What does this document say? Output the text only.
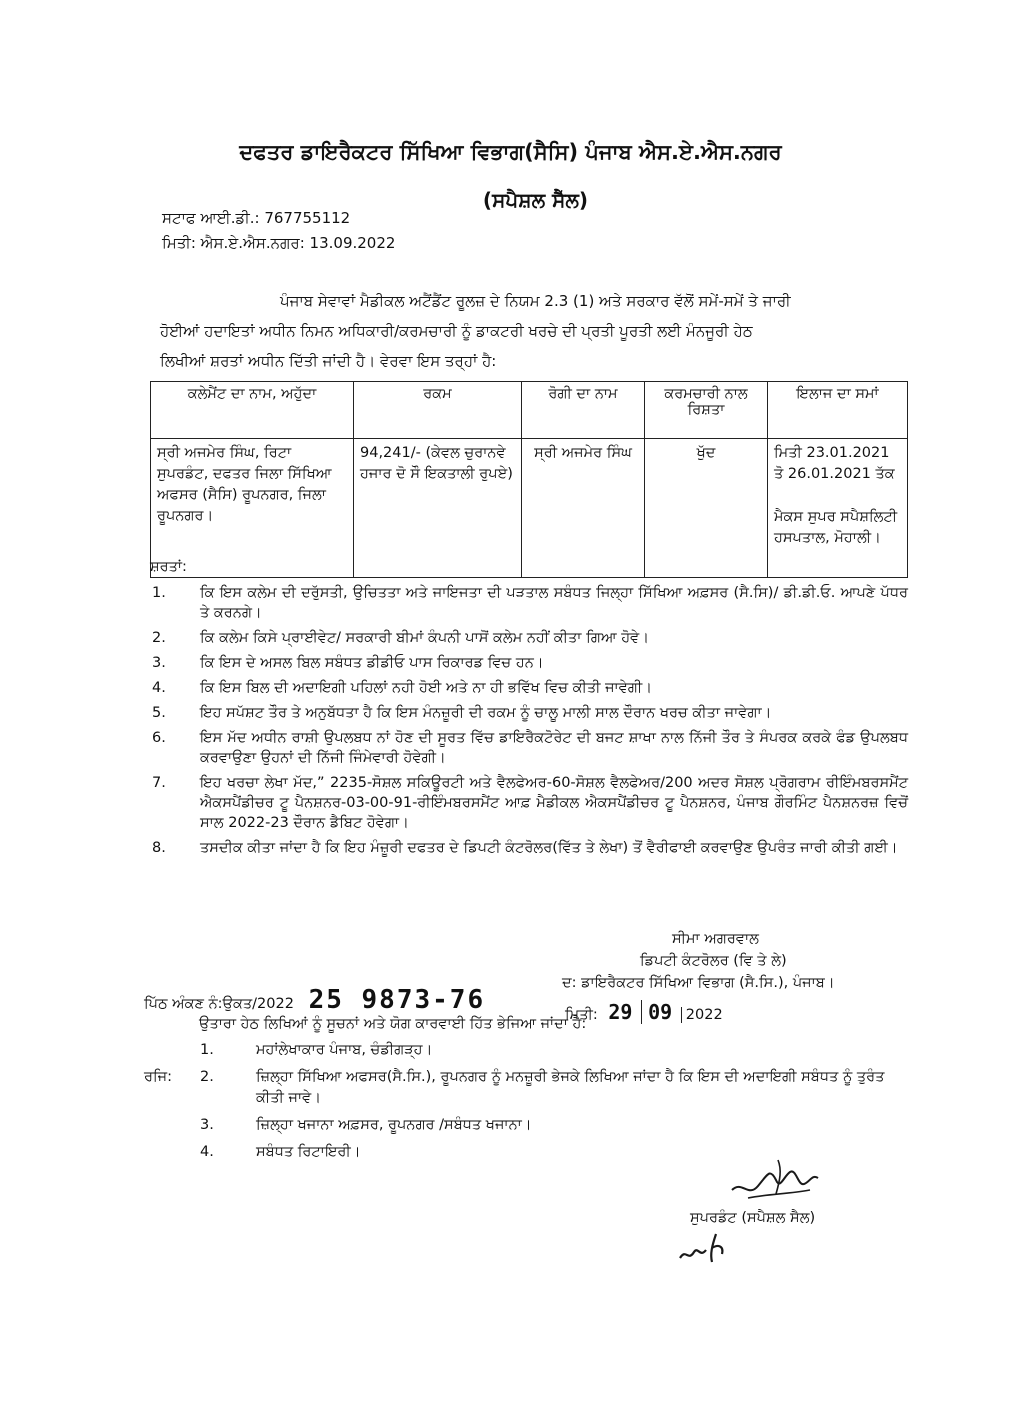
ਦਫਤਰ ਡਾਇਰੈਕਟਰ ਸਿੱਖਿਆ ਵਿਭਾਗ(ਸੈਸਿ) ਪੰਜਾਬ ਐਸ.ਏ.ਐਸ.ਨਗਰ
(ਸਪੈਸ਼ਲ ਸੈੱਲ)
ਸਟਾਫ ਆਈ.ਡੀ.: 767755112
ਮਿਤੀ: ਐਸ.ਏ.ਐਸ.ਨਗਰ: 13.09.2022

ਪੰਜਾਬ ਸੇਵਾਵਾਂ ਮੈਡੀਕਲ ਅਟੈਂਡੈਂਟ ਰੂਲਜ਼ ਦੇ ਨਿਯਮ 2.3 (1) ਅਤੇ ਸਰਕਾਰ ਵੱਲੋਂ ਸਮੇਂ-ਸਮੇਂ ਤੇ ਜਾਰੀ

ਹੋਈਆਂ ਹਦਾਇਤਾਂ ਅਧੀਨ ਨਿਮਨ ਅਧਿਕਾਰੀ/ਕਰਮਚਾਰੀ ਨੂੰ ਡਾਕਟਰੀ ਖਰਚੇ ਦੀ ਪ੍ਰਤੀ ਪੂਰਤੀ ਲਈ ਮੰਨਜੂਰੀ ਹੇਠ

ਲਿਖੀਆਂ ਸ਼ਰਤਾਂ ਅਧੀਨ ਦਿੱਤੀ ਜਾਂਦੀ ਹੈ। ਵੇਰਵਾ ਇਸ ਤਰ੍ਹਾਂ ਹੈ:

ਕਲੇਮੈਂਟ ਦਾ ਨਾਮ, ਅਹੁੱਦਾ	ਰਕਮ	ਰੋਗੀ ਦਾ ਨਾਮ	ਕਰਮਚਾਰੀ ਨਾਲ ਰਿਸ਼ਤਾ	ਇਲਾਜ ਦਾ ਸਮਾਂ
ਸ੍ਰੀ ਅਜਮੇਰ ਸਿੰਘ, ਰਿਟਾ ਸੁਪਰਡੰਟ, ਦਫਤਰ ਜਿਲਾ ਸਿੱਖਿਆ ਅਫਸਰ (ਸੈਸਿ) ਰੂਪਨਗਰ, ਜਿਲਾ ਰੂਪਨਗਰ।	94,241/- (ਕੇਵਲ ਚੁਰਾਨਵੇ ਹਜਾਰ ਦੋ ਸੌ ਇਕਤਾਲੀ ਰੁਪਏ)	ਸ੍ਰੀ ਅਜਮੇਰ ਸਿੰਘ	ਖੁੱਦ	ਮਿਤੀ 23.01.2021 ਤੋ 26.01.2021 ਤੱਕ
ਮੈਕਸ ਸੁਪਰ ਸਪੈਸ਼ਲਿਟੀ ਹਸਪਤਾਲ, ਮੋਹਾਲੀ।
ਸ਼ਰਤਾਂ:
1.	ਕਿ ਇਸ ਕਲੇਮ ਦੀ ਦਰੁੱਸਤੀ, ਉਚਿਤਤਾ ਅਤੇ ਜਾਇਜਤਾ ਦੀ ਪੜਤਾਲ ਸਬੰਧਤ ਜਿਲ੍ਹਾ ਸਿੱਖਿਆ ਅਫ਼ਸਰ (ਸੈ.ਸਿ)/ ਡੀ.ਡੀ.ਓ. ਆਪਣੇ ਪੱਧਰ ਤੇ ਕਰਨਗੇ।
2.	ਕਿ ਕਲੇਮ ਕਿਸੇ ਪ੍ਰਾਈਵੇਟ/ ਸਰਕਾਰੀ ਬੀਮਾਂ ਕੰਪਨੀ ਪਾਸੋਂ ਕਲੇਮ ਨਹੀਂ ਕੀਤਾ ਗਿਆ ਹੋਵੇ।
3.	ਕਿ ਇਸ ਦੇ ਅਸਲ ਬਿਲ ਸਬੰਧਤ ਡੀਡੀਓ ਪਾਸ ਰਿਕਾਰਡ ਵਿਚ ਹਨ।
4.	ਕਿ ਇਸ ਬਿਲ ਦੀ ਅਦਾਇਗੀ ਪਹਿਲਾਂ ਨਹੀ ਹੋਈ ਅਤੇ ਨਾ ਹੀ ਭਵਿੱਖ ਵਿਚ ਕੀਤੀ ਜਾਵੇਗੀ।
5.	ਇਹ ਸਪੱਸ਼ਟ ਤੌਰ ਤੇ ਅਨੁਬੱਧਤਾ ਹੈ ਕਿ ਇਸ ਮੰਨਜ਼ੂਰੀ ਦੀ ਰਕਮ ਨੂੰ ਚਾਲੂ ਮਾਲੀ ਸਾਲ ਦੌਰਾਨ ਖਰਚ ਕੀਤਾ ਜਾਵੇਗਾ।
6.	ਇਸ ਮੱਦ ਅਧੀਨ ਰਾਸ਼ੀ ਉਪਲਬਧ ਨਾਂ ਹੋਣ ਦੀ ਸੂਰਤ ਵਿੱਚ ਡਾਇਰੈਕਟੋਰੇਟ ਦੀ ਬਜਟ ਸ਼ਾਖਾ ਨਾਲ ਨਿੱਜੀ ਤੌਰ ਤੇ ਸੰਪਰਕ ਕਰਕੇ ਫੰਡ ਉਪਲਬਧ ਕਰਵਾਉਣਾ ਉਹਨਾਂ ਦੀ ਨਿੱਜੀ ਜਿੰਮੇਵਾਰੀ ਹੋਵੇਗੀ।
7.	ਇਹ ਖਰਚਾ ਲੇਖਾ ਮੱਦ,” 2235-ਸੋਸ਼ਲ ਸਕਿਊਰਟੀ ਅਤੇ ਵੈਲਫੇਅਰ-60-ਸੋਸ਼ਲ ਵੈਲਫੇਅਰ/200 ਅਦਰ ਸੋਸ਼ਲ ਪ੍ਰੋਗਰਾਮ ਰੀਇੰਮਬਰਸਮੈਂਟ ਐਕਸਪੈਂਡੀਚਰ ਟੂ ਪੈਨਸ਼ਨਰ-03-00-91-ਰੀਇੰਮਬਰਸਮੈਂਟ ਆਫ਼ ਮੈਡੀਕਲ ਐਕਸਪੈਂਡੀਚਰ ਟੂ ਪੈਨਸ਼ਨਰ, ਪੰਜਾਬ ਗੌਰਮਿੰਟ ਪੈਨਸ਼ਨਰਜ਼ ਵਿਚੋਂ ਸਾਲ 2022-23 ਦੌਰਾਨ ਡੈਬਿਟ ਹੋਵੇਗਾ।
8.	ਤਸਦੀਕ ਕੀਤਾ ਜਾਂਦਾ ਹੈ ਕਿ ਇਹ ਮੰਜ਼ੂਰੀ ਦਫਤਰ ਦੇ ਡਿਪਟੀ ਕੰਟਰੋਲਰ(ਵਿੱਤ ਤੇ ਲੇਖਾ) ਤੋਂ ਵੈਰੀਫਾਈ ਕਰਵਾਉਣ ਉਪਰੰਤ ਜਾਰੀ ਕੀਤੀ ਗਈ।
ਸੀਮਾ ਅਗਰਵਾਲ
ਡਿਪਟੀ ਕੰਟਰੋਲਰ (ਵਿ ਤੇ ਲੇ)
ਦ: ਡਾਇਰੈਕਟਰ ਸਿੱਖਿਆ ਵਿਭਾਗ (ਸੈ.ਸਿ.), ਪੰਜਾਬ।
ਪਿੱਠ ਅੰਕਣ ਨੰ:ਉਕਤ/2022 25 9873-76	ਮਿਤੀ: 29 09 2022
ਉਤਾਰਾ ਹੇਠ ਲਿਖਿਆਂ ਨੂੰ ਸੂਚਨਾਂ ਅਤੇ ਯੋਗ ਕਾਰਵਾਈ ਹਿੱਤ ਭੇਜਿਆ ਜਾਂਦਾ ਹੈ:
1.	ਮਹਾਂਲੇਖਾਕਾਰ ਪੰਜਾਬ, ਚੰਡੀਗੜ੍ਹ।
ਰਜਿ:	2.	ਜ਼ਿਲ੍ਹਾ ਸਿੱਖਿਆ ਅਫਸਰ(ਸੈ.ਸਿ.), ਰੂਪਨਗਰ ਨੂੰ ਮਨਜ਼ੂਰੀ ਭੇਜਕੇ ਲਿਖਿਆ ਜਾਂਦਾ ਹੈ ਕਿ ਇਸ ਦੀ ਅਦਾਇਗੀ ਸਬੰਧਤ ਨੂੰ ਤੁਰੰਤ ਕੀਤੀ ਜਾਵੇ।
3.	ਜ਼ਿਲ੍ਹਾ ਖਜਾਨਾ ਅਫ਼ਸਰ, ਰੂਪਨਗਰ /ਸਬੰਧਤ ਖਜਾਨਾ।
4.	ਸਬੰਧਤ ਰਿਟਾਇਰੀ।
ਸੁਪਰਡੰਟ (ਸਪੈਸ਼ਲ ਸੈਲ)
